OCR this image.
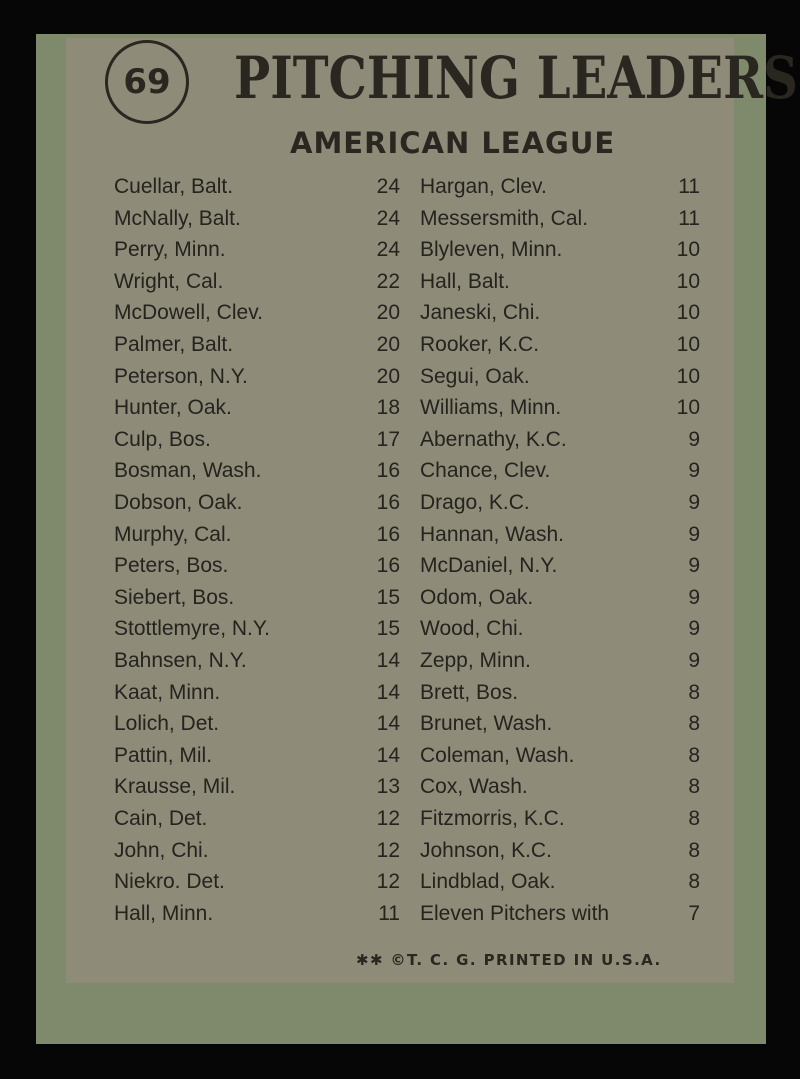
69	PITCHING LEADERS
AMERICAN LEAGUE
✱✱ ©T. C. G. PRINTED IN U.S.A.
Cuellar, Balt.	24
McNally, Balt.	24
Perry, Minn.	24
Wright, Cal.	22
McDowell, Clev.	20
Palmer, Balt.	20
Peterson, N.Y.	20
Hunter, Oak.	18
Culp, Bos.	17
Bosman, Wash.	16
Dobson, Oak.	16
Murphy, Cal.	16
Peters, Bos.	16
Siebert, Bos.	15
Stottlemyre, N.Y.	15
Bahnsen, N.Y.	14
Kaat, Minn.	14
Lolich, Det.	14
Pattin, Mil.	14
Krausse, Mil.	13
Cain, Det.	12
John, Chi.	12
Niekro. Det.	12
Hall, Minn.	11
Hargan, Clev.	11
Messersmith, Cal.	11
Blyleven, Minn.	10
Hall, Balt.	10
Janeski, Chi.	10
Rooker, K.C.	10
Segui, Oak.	10
Williams, Minn.	10
Abernathy, K.C.	9
Chance, Clev.	9
Drago, K.C.	9
Hannan, Wash.	9
McDaniel, N.Y.	9
Odom, Oak.	9
Wood, Chi.	9
Zepp, Minn.	9
Brett, Bos.	8
Brunet, Wash.	8
Coleman, Wash.	8
Cox, Wash.	8
Fitzmorris, K.C.	8
Johnson, K.C.	8
Lindblad, Oak.	8
Eleven Pitchers with	7
